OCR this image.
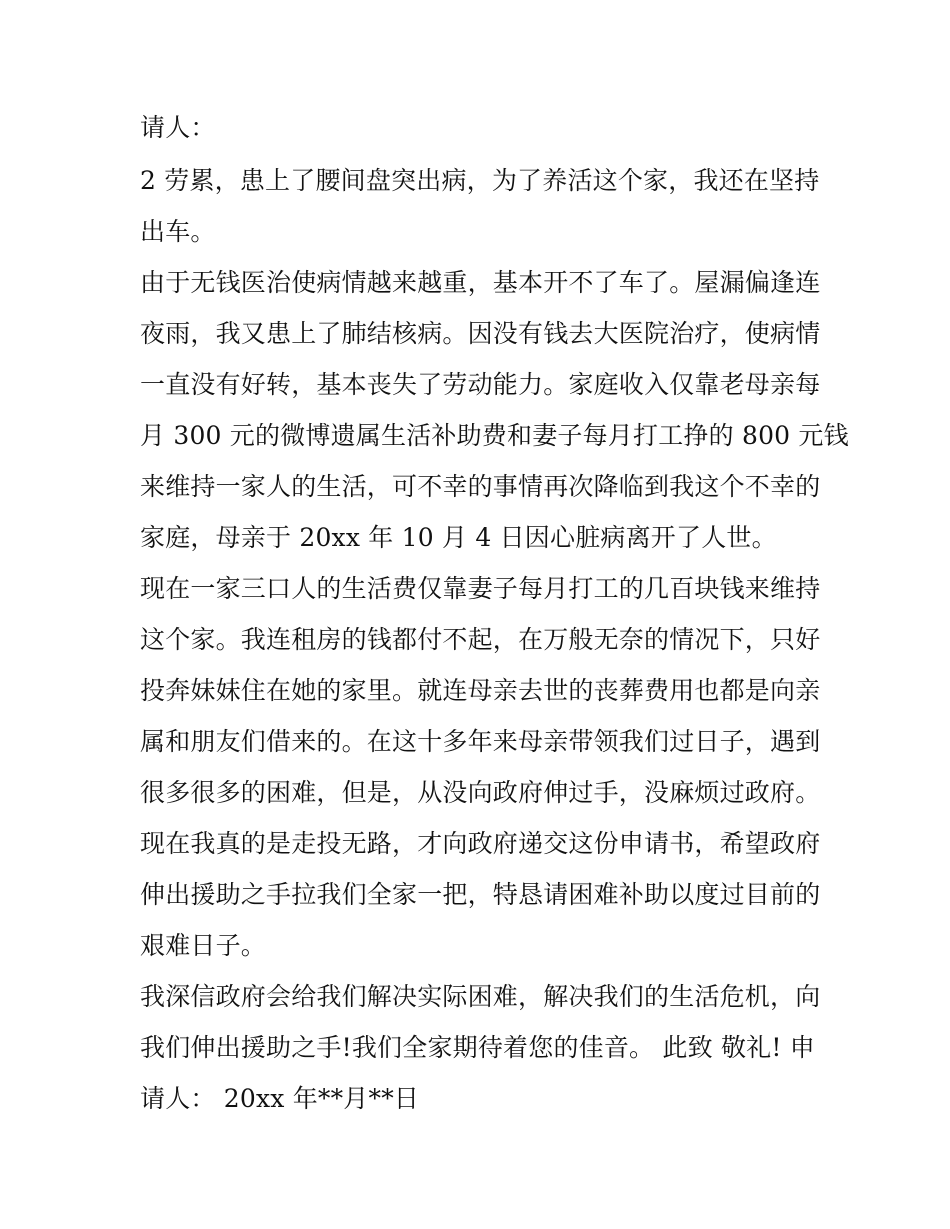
请人：
2 劳累，患上了腰间盘突出病，为了养活这个家，我还在坚持
出车。
由于无钱医治使病情越来越重，基本开不了车了。屋漏偏逢连
夜雨，我又患上了肺结核病。因没有钱去大医院治疗，使病情
一直没有好转，基本丧失了劳动能力。家庭收入仅靠老母亲每
月 300 元的微博遗属生活补助费和妻子每月打工挣的 800 元钱
来维持一家人的生活，可不幸的事情再次降临到我这个不幸的
家庭，母亲于 20xx 年 10 月 4 日因心脏病离开了人世。
现在一家三口人的生活费仅靠妻子每月打工的几百块钱来维持
这个家。我连租房的钱都付不起，在万般无奈的情况下，只好
投奔妹妹住在她的家里。就连母亲去世的丧葬费用也都是向亲
属和朋友们借来的。在这十多年来母亲带领我们过日子，遇到
很多很多的困难，但是，从没向政府伸过手，没麻烦过政府。
现在我真的是走投无路，才向政府递交这份申请书，希望政府
伸出援助之手拉我们全家一把，特恳请困难补助以度过目前的
艰难日子。
我深信政府会给我们解决实际困难，解决我们的生活危机，向
我们伸出援助之手!我们全家期待着您的佳音。 此致 敬礼! 申
请人： 20xx 年**月**日
